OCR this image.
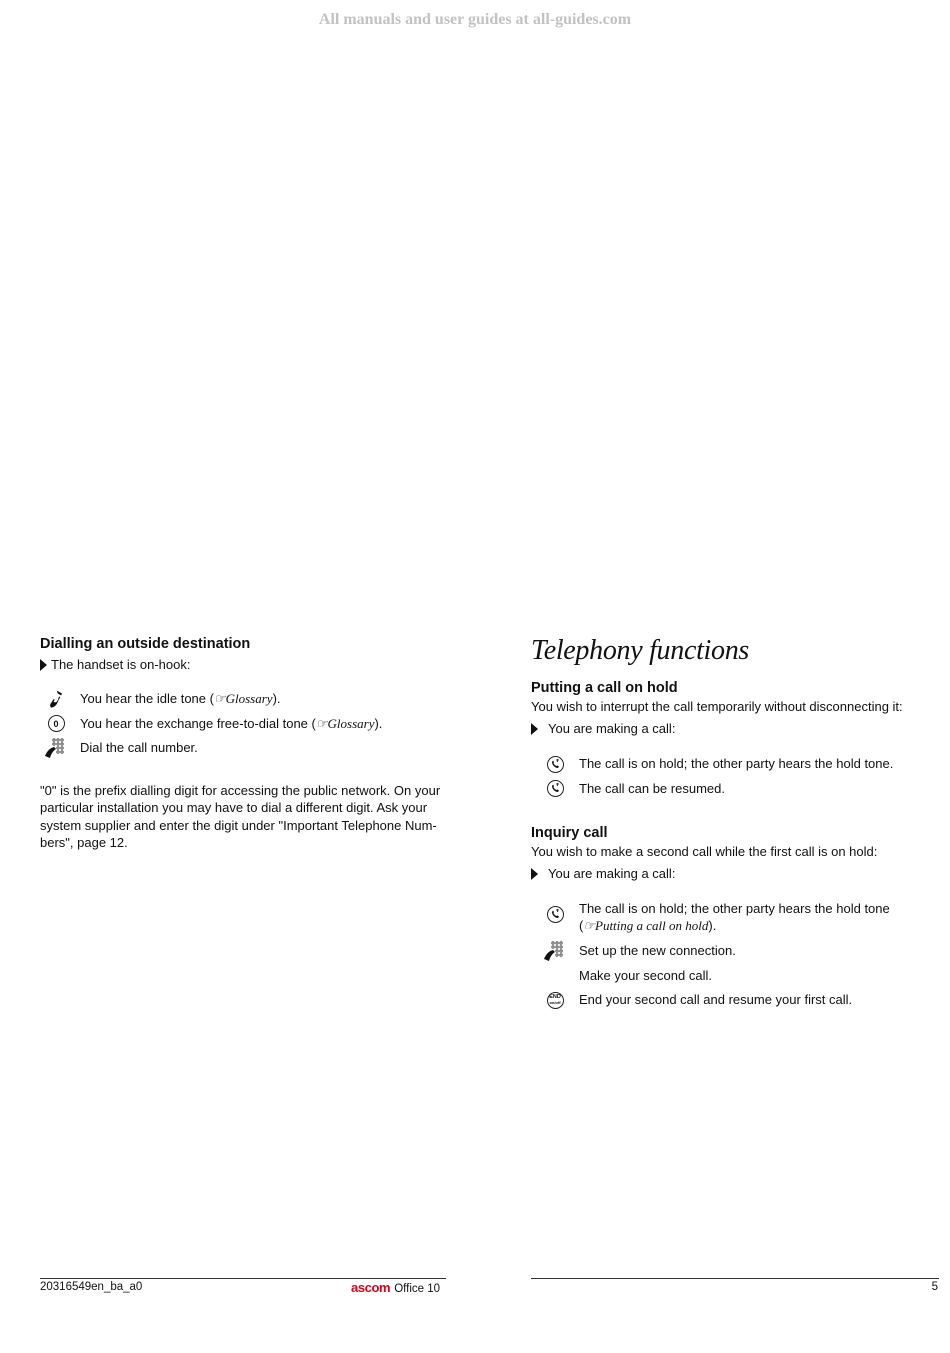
All manuals and user guides at all-guides.com
Dialling an outside destination
The handset is on-hook:
You hear the idle tone (☞Glossary).
0	You hear the exchange free-to-dial tone (☞Glossary).
Dial the call number.

"0" is the prefix dialling digit for accessing the public network. On your particular installation you may have to dial a different digit. Ask your system supplier and enter the digit under "Important Telephone Num-bers", page 12.

Telephony functions
Putting a call on hold
You wish to interrupt the call temporarily without disconnecting it:
You are making a call:
The call is on hold; the other party hears the hold tone.
The call can be resumed.
Inquiry call
You wish to make a second call while the first call is on hold:
You are making a call:
The call is on hold; the other party hears the hold tone
(☞Putting a call on hold).
Set up the new connection.
Make your second call.
END
on/off End your second call and resume your first call.
20316549en_ba_a0	ascom Office 10	5
